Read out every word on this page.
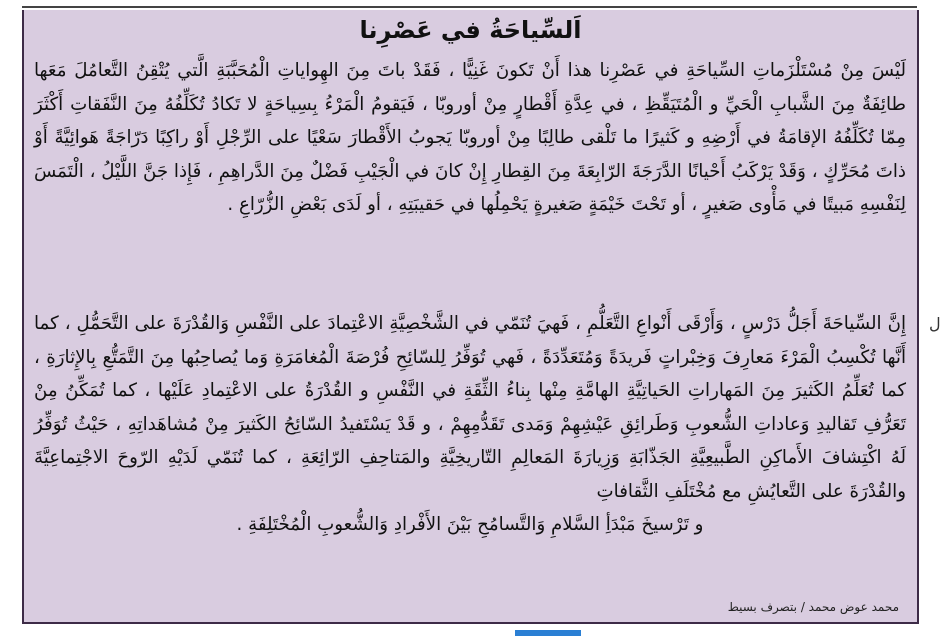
اَلسِّياحَةُ في عَصْرِنا

لَيْسَ مِنْ مُسْتَلْزَماتِ السِّياحَةِ في عَصْرِنا هذا أَنْ تَكونَ غَنِيًّا ، فَقَدْ باتَ مِنَ الهِواياتِ الْمُحَبَّبَةِ الَّتي يُتْقِنُ التَّعامُلَ مَعَها طائِفَةٌ مِنَ الشَّبابِ الْحَيِّ و الْمُتَيَقِّظِ ، في عِدَّةِ أَقْطارٍ مِنْ أوروبّا ، فَيَقومُ الْمَرْءُ بِسِياحَةٍ لا تَكادُ تُكَلِّفُهُ مِنَ النَّفَقاتِ أَكْثَرَ مِمّا تُكَلِّفُهُ الإقامَةُ في أَرْضِهِ و كَثيرًا ما تَلْقى طالِبًا مِنْ أوروبّا يَجوبُ الأَقْطارَ سَعْيًا على الرِّجْلِ أَوْ راكِبًا دَرّاجَةً هَوائِيَّةً أَوْ ذاتَ مُحَرِّكٍ ، وَقَدْ يَرْكَبُ أَحْيانًا الدَّرَجَةَ الرّابِعَةَ مِنَ القِطارِ إِنْ كانَ في الْجَيْبِ فَضْلٌ مِنَ الدَّراهِمِ ، فَإِذا جَنَّ اللَّيْلُ ، الْتَمَسَ لِنَفْسِهِ مَبيتًا في مَأْوى صَغيرٍ ، أو تَحْتَ خَيْمَةٍ صَغيرةٍ يَحْمِلُها في حَقيبَتِهِ ، أو لَدَى بَعْضِ الزُّرّاعِ .

إِنَّ السِّياحَةَ أَجَلُّ دَرْسٍ ، وَأَرْقَى أَنْواعِ التَّعَلُّمِ ، فَهيَ تُنَمّي في الشَّخْصِيَّةِ الاعْتِمادَ على النَّفْسِ وَالقُدْرَةَ على التَّحَمُّلِ ، كما أَنَّها تُكْسِبُ الْمَرْءَ مَعارِفَ وَخِبْراتٍ فَريدَةً وَمُتَعَدِّدَةً ، فَهي تُوَفِّرُ لِلسّائِحِ فُرْصَةَ الْمُغامَرَةِ وَما يُصاحِبُها مِنَ التَّمَتُّعِ بِالإِثارَةِ ، كما تُعَلِّمُ الكَثيرَ مِنَ المَهاراتِ الحَياتِيَّةِ الهامَّةِ مِنْها بِناءُ الثِّقَةِ في النَّفْسِ و القُدْرَةُ على الاعْتِمادِ عَلَيْها ، كما تُمَكِّنُ مِنْ تَعَرُّفِ تَقاليدِ وَعاداتِ الشُّعوبِ وَطَرائِقِ عَيْشِهِمْ وَمَدى تَقَدُّمِهِمْ ، و قَدْ يَسْتَفيدُ السّائِحُ الكَثيرَ مِنْ مُشاهَداتِهِ ، حَيْثُ تُوَفِّرُ لَهُ اكْتِشافَ الأَماكِنِ الطَّبيعِيَّةِ الجَذّابَةِ وَزِيارَةَ المَعالِمِ التّاريخِيَّةِ والمَتاحِفِ الرّائِعَةِ ، كما تُنَمّي لَدَيْهِ الرّوحَ الاجْتِماعِيَّةَ والقُدْرَةَ على التَّعايُشِ مع مُخْتَلَفِ الثَّقافاتِ
و تَرْسيخَ مَبْدَأِ السَّلامِ وَالتَّسامُحِ بَيْنَ الأَفْرادِ وَالشُّعوبِ الْمُخْتَلِفَةِ .

محمد عوض محمد / بتصرف بسيط
ﻝ
